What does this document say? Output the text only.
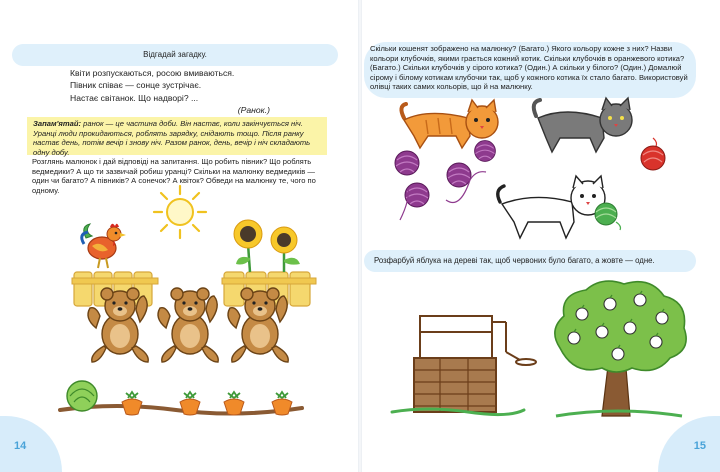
Відгадай загадку.
Квіти розпускаються, росою вмиваються.
Півник співає — сонце зустрічає.
Настає світанок. Що надворі? ...
(Ранок.)
Запам'ятай: ранок — це частина доби. Він настає, коли закінчується ніч. Уранці люди прокидаються, роблять зарядку, снідають тощо. Після ранку настає день, потім вечір і знову ніч. Разом ранок, день, вечір і ніч складають одну добу.
Розглянь малюнок і дай відповіді на запитання. Що робить півник? Що роблять ведмедики? А що ти зазвичай робиш уранці? Скільки на малюнку ведмедиків — один чи багато? А півників? А сонечок? А квіток? Обведи на малюнку те, чого по одному.
14
Скільки кошенят зображено на малюнку? (Багато.) Якого кольору кожне з них? Назви кольори клубочків, якими грається кожний котик. Скільки клубочків в оранжевого котика? (Багато.) Скільки клубочків у сірого котика? (Один.) А скільки у білого? (Один.) Домалюй сірому і білому котикам клубочки так, щоб у кожного котика їх стало багато. Використовуй олівці таких самих кольорів, що й на малюнку.
Розфарбуй яблука на дереві так, щоб червоних було багато, а жовте — одне.
15
